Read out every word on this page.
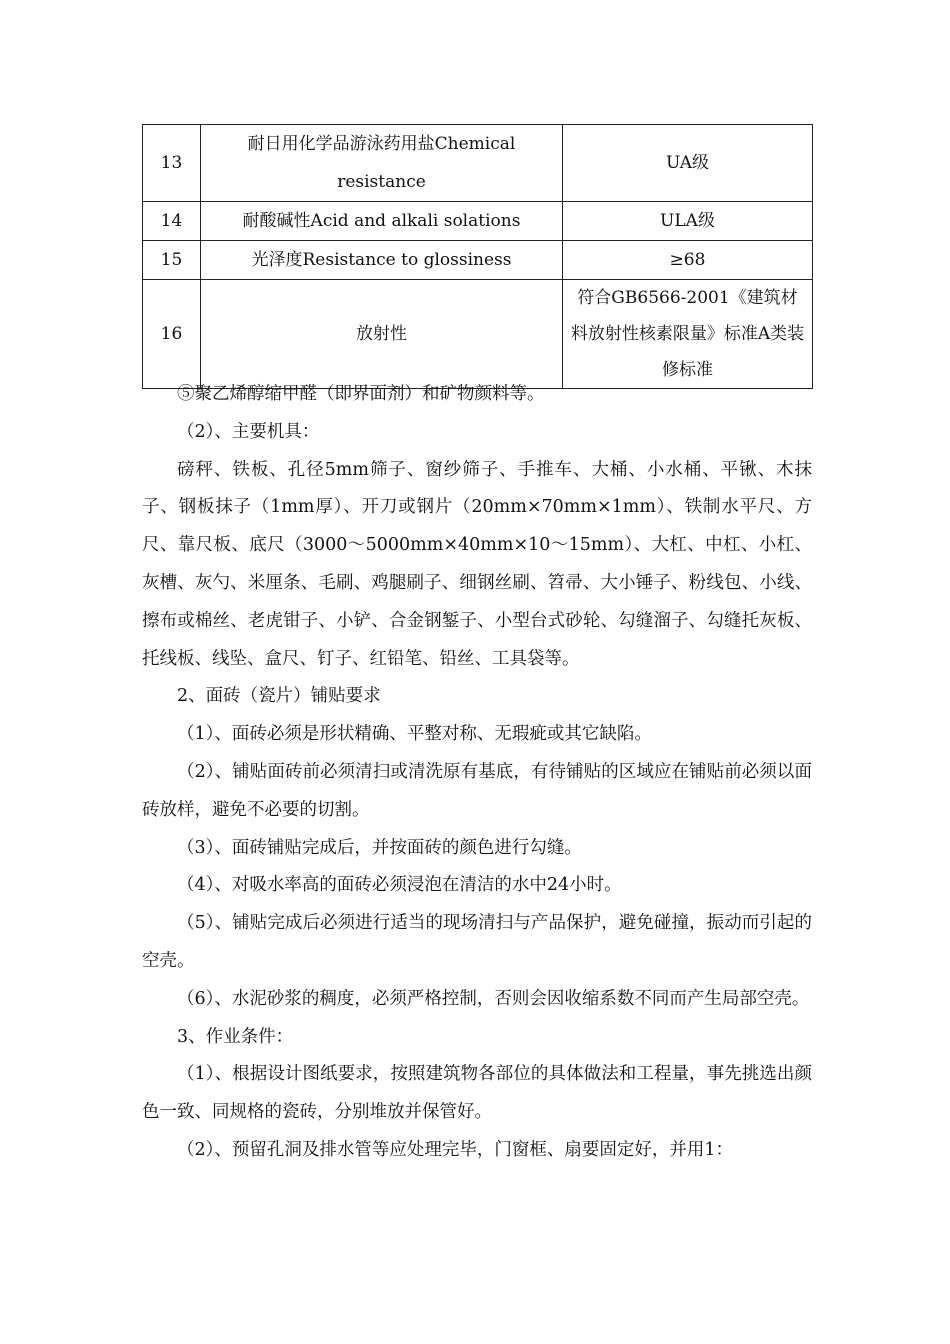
13	耐日用化学品游泳药用盐Chemical resistance	UA级
14	耐酸碱性Acid and alkali solations	ULA级
15	光泽度Resistance to glossiness	≥68
16	放射性	符合GB6566-2001《建筑材料放射性核素限量》标准A类装修标准

⑤聚乙烯醇缩甲醛（即界面剂）和矿物颜料等。

（2）、主要机具：

磅秤、铁板、孔径5mm筛子、窗纱筛子、手推车、大桶、小水桶、平锹、木抹子、钢板抹子（1mm厚）、开刀或钢片（20mm×70mm×1mm）、铁制水平尺、方尺、靠尺板、底尺（3000～5000mm×40mm×10～15mm）、大杠、中杠、小杠、灰槽、灰勺、米厘条、毛刷、鸡腿刷子、细钢丝刷、笤帚、大小锤子、粉线包、小线、擦布或棉丝、老虎钳子、小铲、合金钢錾子、小型台式砂轮、勾缝溜子、勾缝托灰板、托线板、线坠、盒尺、钉子、红铅笔、铅丝、工具袋等。

2、面砖（瓷片）铺贴要求

（1）、面砖必须是形状精确、平整对称、无瑕疵或其它缺陷。

（2）、铺贴面砖前必须清扫或清洗原有基底，有待铺贴的区域应在铺贴前必须以面砖放样，避免不必要的切割。

（3）、面砖铺贴完成后，并按面砖的颜色进行勾缝。

（4）、对吸水率高的面砖必须浸泡在清洁的水中24小时。

（5）、铺贴完成后必须进行适当的现场清扫与产品保护，避免碰撞，振动而引起的空壳。

（6）、水泥砂浆的稠度，必须严格控制，否则会因收缩系数不同而产生局部空壳。

3、作业条件：

（1）、根据设计图纸要求，按照建筑物各部位的具体做法和工程量，事先挑选出颜色一致、同规格的瓷砖，分别堆放并保管好。

（2）、预留孔洞及排水管等应处理完毕，门窗框、扇要固定好，并用1：
